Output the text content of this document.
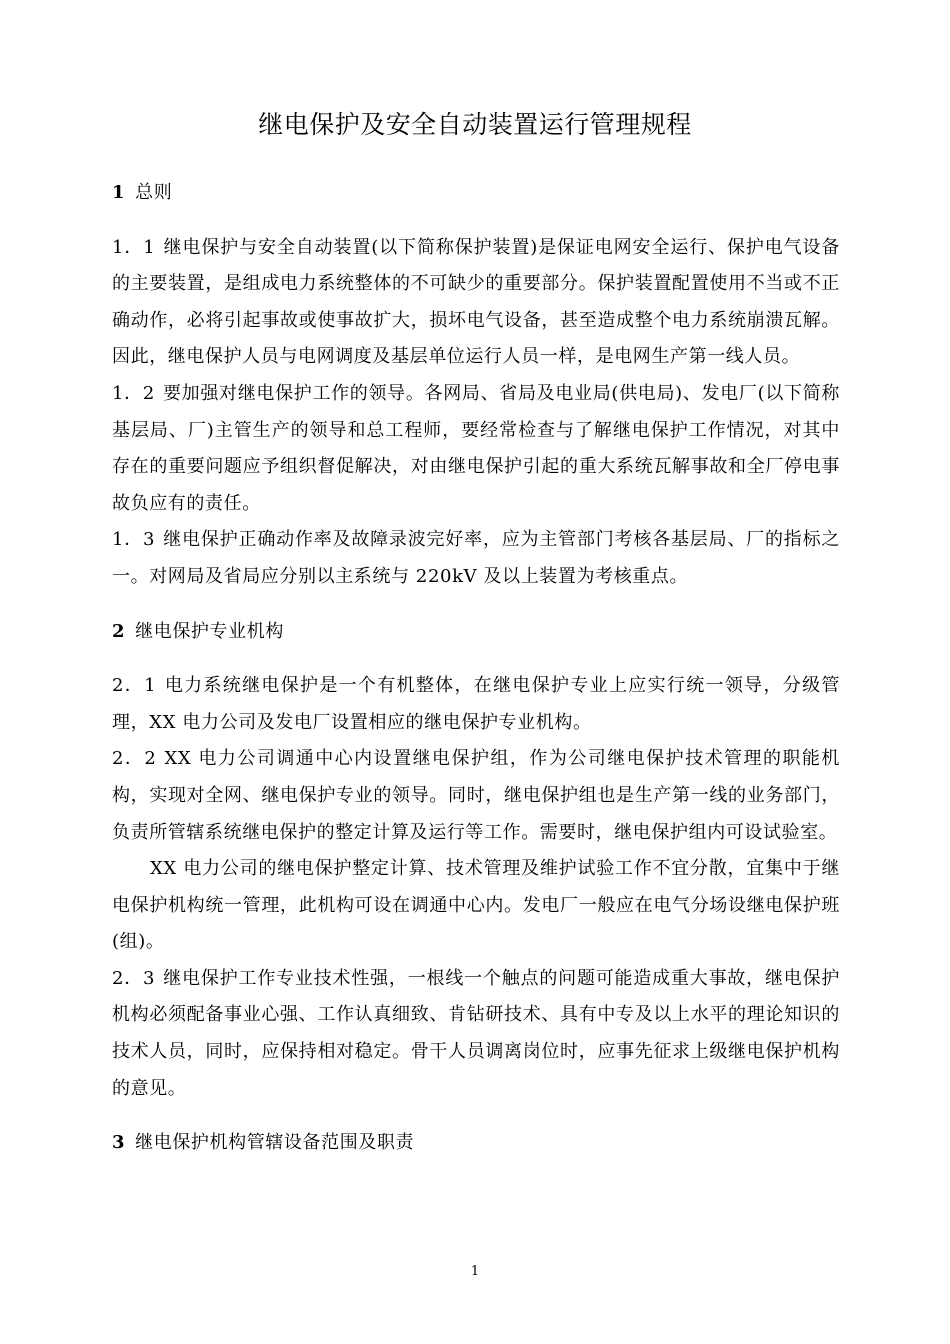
继电保护及安全自动装置运行管理规程

1 总则

1．1 继电保护与安全自动装置(以下简称保护装置)是保证电网安全运行、保护电气设备的主要装置，是组成电力系统整体的不可缺少的重要部分。保护装置配置使用不当或不正确动作，必将引起事故或使事故扩大，损坏电气设备，甚至造成整个电力系统崩溃瓦解。因此，继电保护人员与电网调度及基层单位运行人员一样，是电网生产第一线人员。

1．2 要加强对继电保护工作的领导。各网局、省局及电业局(供电局)、发电厂(以下简称基层局、厂)主管生产的领导和总工程师，要经常检查与了解继电保护工作情况，对其中存在的重要问题应予组织督促解决，对由继电保护引起的重大系统瓦解事故和全厂停电事故负应有的责任。

1．3 继电保护正确动作率及故障录波完好率，应为主管部门考核各基层局、厂的指标之一。对网局及省局应分别以主系统与 220kV 及以上装置为考核重点。

2 继电保护专业机构

2．1 电力系统继电保护是一个有机整体，在继电保护专业上应实行统一领导，分级管理，XX 电力公司及发电厂设置相应的继电保护专业机构。

2．2 XX 电力公司调通中心内设置继电保护组，作为公司继电保护技术管理的职能机构，实现对全网、继电保护专业的领导。同时，继电保护组也是生产第一线的业务部门，负责所管辖系统继电保护的整定计算及运行等工作。需要时，继电保护组内可设试验室。

XX 电力公司的继电保护整定计算、技术管理及维护试验工作不宜分散，宜集中于继电保护机构统一管理，此机构可设在调通中心内。发电厂一般应在电气分场设继电保护班(组)。

2．3 继电保护工作专业技术性强，一根线一个触点的问题可能造成重大事故，继电保护机构必须配备事业心强、工作认真细致、肯钻研技术、具有中专及以上水平的理论知识的技术人员，同时，应保持相对稳定。骨干人员调离岗位时，应事先征求上级继电保护机构的意见。

3 继电保护机构管辖设备范围及职责

1
